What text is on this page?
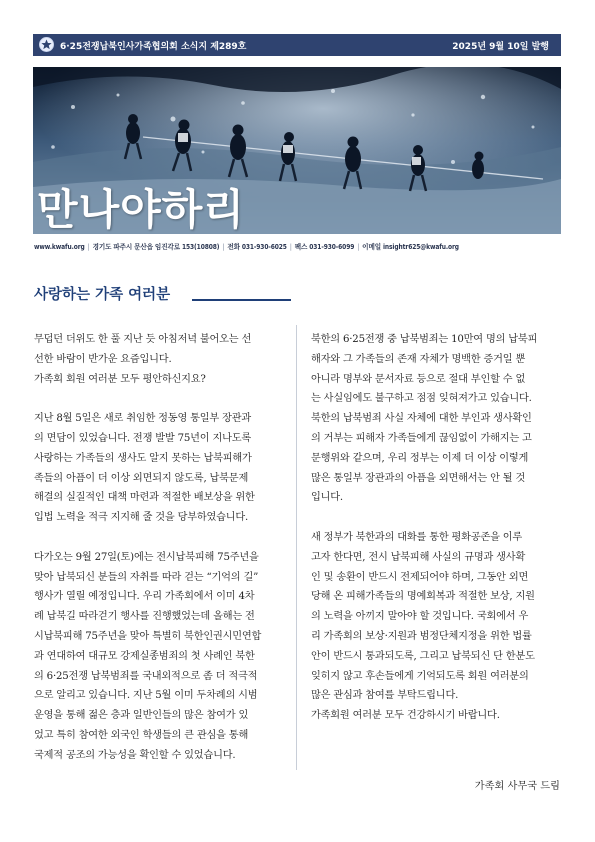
6·25전쟁납북인사가족협의회 소식지 제289호	2025년 9월 10일 발행
만나야하리
www.kwafu.org | 경기도 파주시 문산읍 임진각로 153(10808) | 전화 031-930-6025 | 팩스 031-930-6099 | 이메일 insightr625@kwafu.org
사랑하는 가족 여러분

무덥던 더위도 한 풀 지난 듯 아침저녁 불어오는 선
선한 바람이 반가운 요즘입니다.
가족회 회원 여러분 모두 평안하신지요?

지난 8월 5일은 새로 취임한 정동영 통일부 장관과
의 면담이 있었습니다. 전쟁 발발 75년이 지나도록
사랑하는 가족들의 생사도 알지 못하는 납북피해가
족들의 아픔이 더 이상 외면되지 않도록, 납북문제
해결의 실질적인 대책 마련과 적절한 배보상을 위한
입법 노력을 적극 지지해 줄 것을 당부하였습니다.

다가오는 9월 27일(토)에는 전시납북피해 75주년을
맞아 납북되신 분들의 자취를 따라 걷는 “기억의 길”
행사가 열릴 예정입니다. 우리 가족회에서 이미 4차
례 납북길 따라걷기 행사를 진행했었는데 올해는 전
시납북피해 75주년을 맞아 특별히 북한인권시민연합
과 연대하여 대규모 강제실종범죄의 첫 사례인 북한
의 6·25전쟁 납북범죄를 국내외적으로 좀 더 적극적
으로 알리고 있습니다. 지난 5월 이미 두차례의 시범
운영을 통해 젊은 층과 일반인들의 많은 참여가 있
었고 특히 참여한 외국인 학생들의 큰 관심을 통해
국제적 공조의 가능성을 확인할 수 있었습니다.

북한의 6·25전쟁 중 납북범죄는 10만여 명의 납북피
해자와 그 가족들의 존재 자체가 명백한 증거일 뿐
아니라 명부와 문서자료 등으로 절대 부인할 수 없
는 사실임에도 불구하고 점점 잊혀져가고 있습니다.
북한의 납북범죄 사실 자체에 대한 부인과 생사확인
의 거부는 피해자 가족들에게 끊임없이 가해지는 고
문행위와 같으며, 우리 정부는 이제 더 이상 이렇게
많은 통일부 장관과의 아픔을 외면해서는 안 될 것
입니다.

새 정부가 북한과의 대화를 통한 평화공존을 이루
고자 한다면, 전시 납북피해 사실의 규명과 생사확
인 및 송환이 반드시 전제되어야 하며, 그동안 외면
당해 온 피해가족들의 명예회복과 적절한 보상, 지원
의 노력을 아끼지 말아야 할 것입니다. 국회에서 우
리 가족회의 보상·지원과 범정단체지정을 위한 법률
안이 반드시 통과되도록, 그리고 납북되신 단 한분도
잊히지 않고 후손들에게 기억되도록 회원 여러분의
많은 관심과 참여를 부탁드립니다.
가족회원 여러분 모두 건강하시기 바랍니다.

가족회 사무국 드림
